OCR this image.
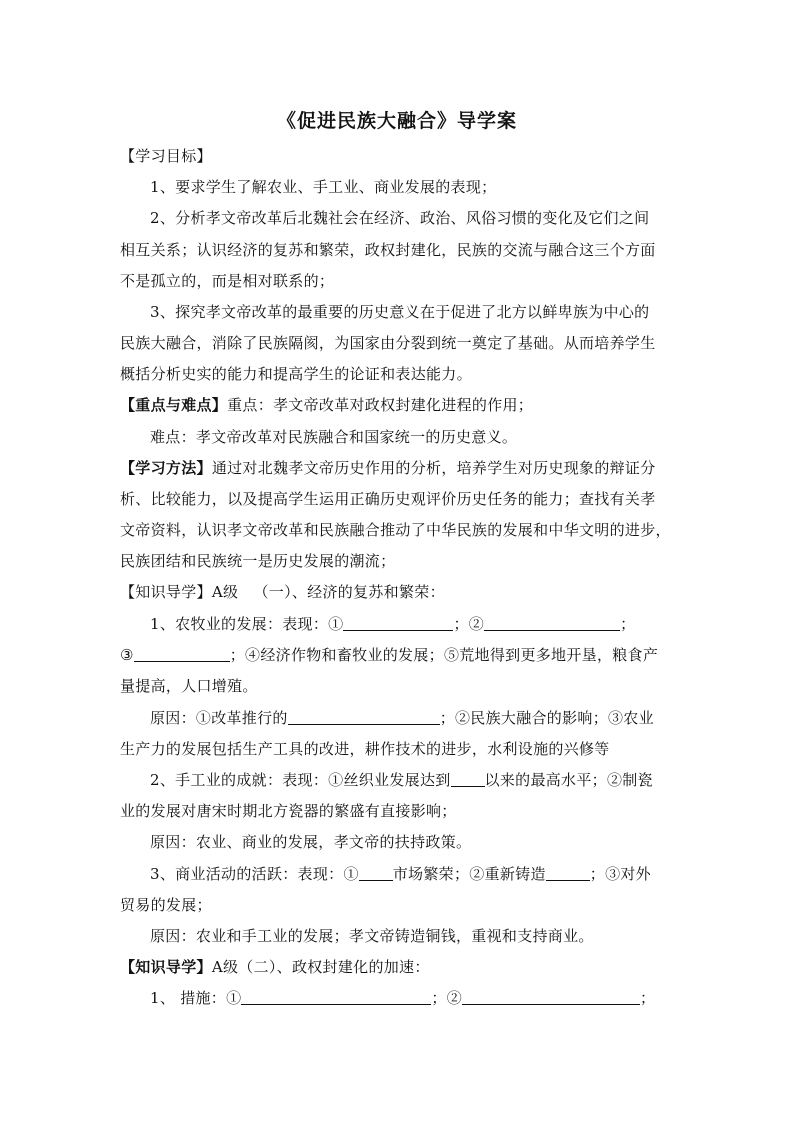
《促进民族大融合》导学案
【学习目标】
1、要求学生了解农业、手工业、商业发展的表现；
2、分析孝文帝改革后北魏社会在经济、政治、风俗习惯的变化及它们之间
相互关系；认识经济的复苏和繁荣，政权封建化，民族的交流与融合这三个方面
不是孤立的，而是相对联系的；
3、探究孝文帝改革的最重要的历史意义在于促进了北方以鲜卑族为中心的
民族大融合，消除了民族隔阂，为国家由分裂到统一奠定了基础。从而培养学生
概括分析史实的能力和提高学生的论证和表达能力。
【重点与难点】重点：孝文帝改革对政权封建化进程的作用；
难点：孝文帝改革对民族融合和国家统一的历史意义。
【学习方法】通过对北魏孝文帝历史作用的分析，培养学生对历史现象的辩证分
析、比较能力，以及提高学生运用正确历史观评价历史任务的能力；查找有关孝
文帝资料，认识孝文帝改革和民族融合推动了中华民族的发展和中华文明的进步，
民族团结和民族统一是历史发展的潮流；
【知识导学】A级 （一）、经济的复苏和繁荣：
1、农牧业的发展：表现：①	；②	；
③	；④经济作物和畜牧业的发展；⑤荒地得到更多地开垦，粮食产
量提高，人口增殖。
原因：①改革推行的	；②民族大融合的影响；③农业
生产力的发展包括生产工具的改进，耕作技术的进步，水利设施的兴修等
2、手工业的成就：表现：①丝织业发展达到 以来的最高水平；②制瓷
业的发展对唐宋时期北方瓷器的繁盛有直接影响；
原因：农业、商业的发展，孝文帝的扶持政策。
3、商业活动的活跃：表现：① 市场繁荣；②重新铸造	；③对外
贸易的发展；
原因：农业和手工业的发展；孝文帝铸造铜钱，重视和支持商业。
【知识导学】A级（二）、政权封建化的加速：
1、 措施：①	；②	；
